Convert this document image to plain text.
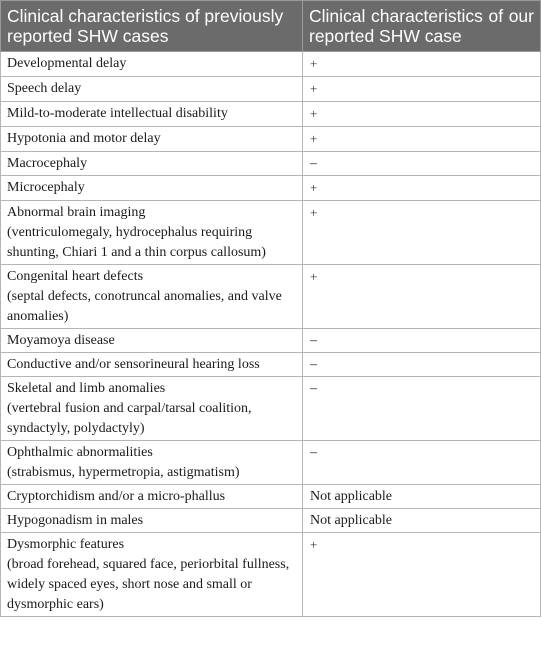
Clinical characteristics of previously reported SHW cases	Clinical characteristics of our reported SHW case

Developmental delay	+

Speech delay	+

Mild-to-moderate intellectual disability	+

Hypotonia and motor delay	+

Macrocephaly	–

Microcephaly	+

Abnormal brain imaging
(ventriculomegaly, hydrocephalus requiring shunting, Chiari 1 and a thin corpus callosum)	+

Congenital heart defects
(septal defects, conotruncal anomalies, and valve anomalies)	+

Moyamoya disease	–

Conductive and/or sensorineural hearing loss	–

Skeletal and limb anomalies
(vertebral fusion and carpal/tarsal coalition, syndactyly, polydactyly)	–

Ophthalmic abnormalities
(strabismus, hypermetropia, astigmatism)	–

Cryptorchidism and/or a micro-phallus	Not applicable

Hypogonadism in males	Not applicable

Dysmorphic features
(broad forehead, squared face, periorbital fullness, widely spaced eyes, short nose and small or dysmorphic ears)	+
